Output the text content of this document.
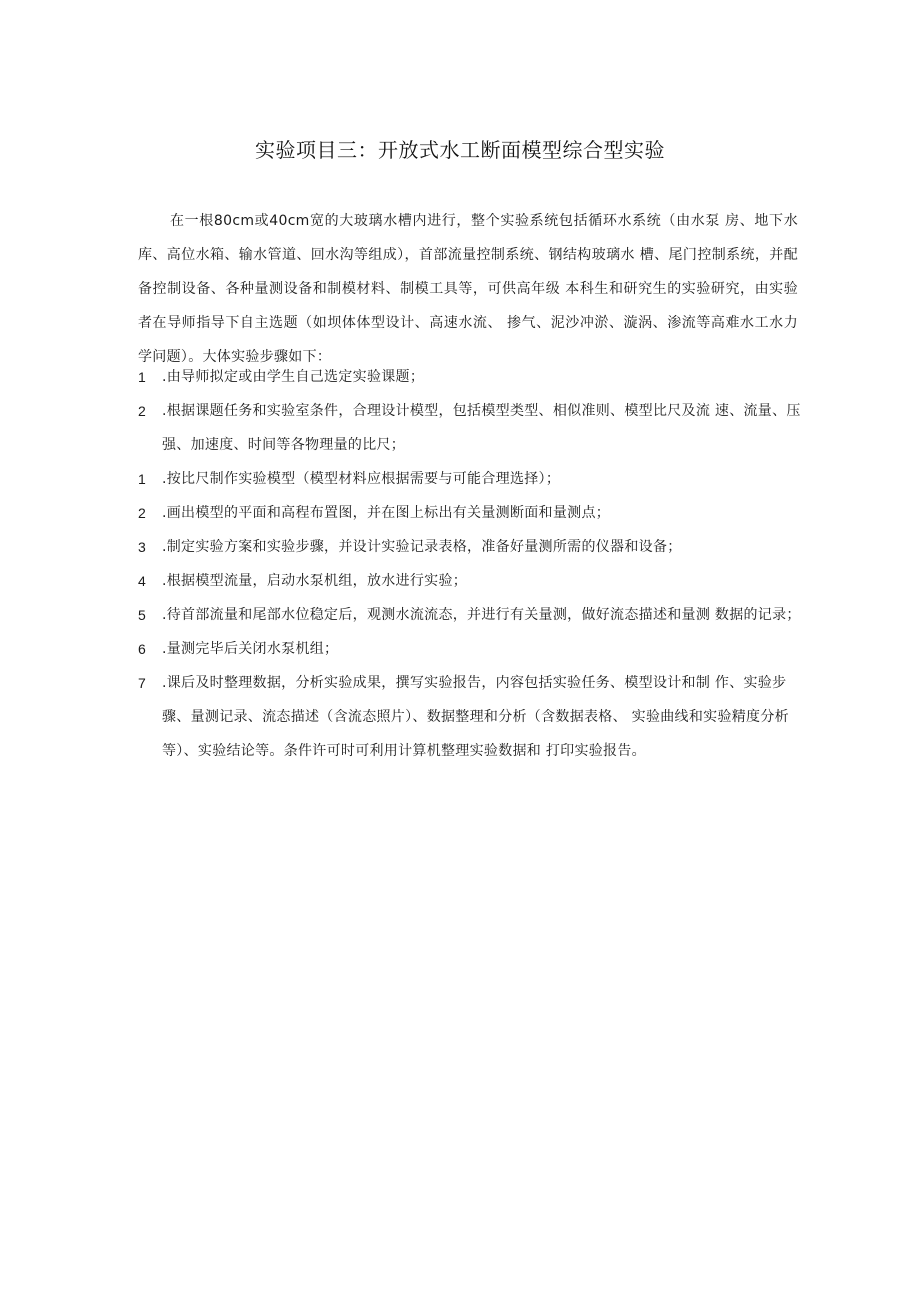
实验项目三：开放式水工断面模型综合型实验

在一根80cm或40cm宽的大玻璃水槽内进行，整个实验系统包括循环水系统（由水泵 房、地下水库、高位水箱、输水管道、回水沟等组成），首部流量控制系统、钢结构玻璃水 槽、尾门控制系统，并配备控制设备、各种量测设备和制模材料、制模工具等，可供高年级 本科生和研究生的实验研究，由实验者在导师指导下自主选题（如坝体体型设计、高速水流、 掺气、泥沙冲淤、漩涡、渗流等高难水工水力学问题）。大体实验步骤如下：

1	.由导师拟定或由学生自己选定实验课题；
2	.根据课题任务和实验室条件，合理设计模型，包括模型类型、相似准则、模型比尺及流 速、流量、压强、加速度、时间等各物理量的比尺；
1	.按比尺制作实验模型（模型材料应根据需要与可能合理选择）；
2	.画出模型的平面和高程布置图，并在图上标出有关量测断面和量测点；
3	.制定实验方案和实验步骤，并设计实验记录表格，准备好量测所需的仪器和设备；
4	.根据模型流量，启动水泵机组，放水进行实验；
5	.待首部流量和尾部水位稳定后，观测水流流态，并进行有关量测，做好流态描述和量测 数据的记录；
6	.量测完毕后关闭水泵机组；
7	.课后及时整理数据，分析实验成果，撰写实验报告，内容包括实验任务、模型设计和制 作、实验步骤、量测记录、流态描述（含流态照片）、数据整理和分析（含数据表格、 实验曲线和实验精度分析等）、实验结论等。条件许可时可利用计算机整理实验数据和 打印实验报告。
